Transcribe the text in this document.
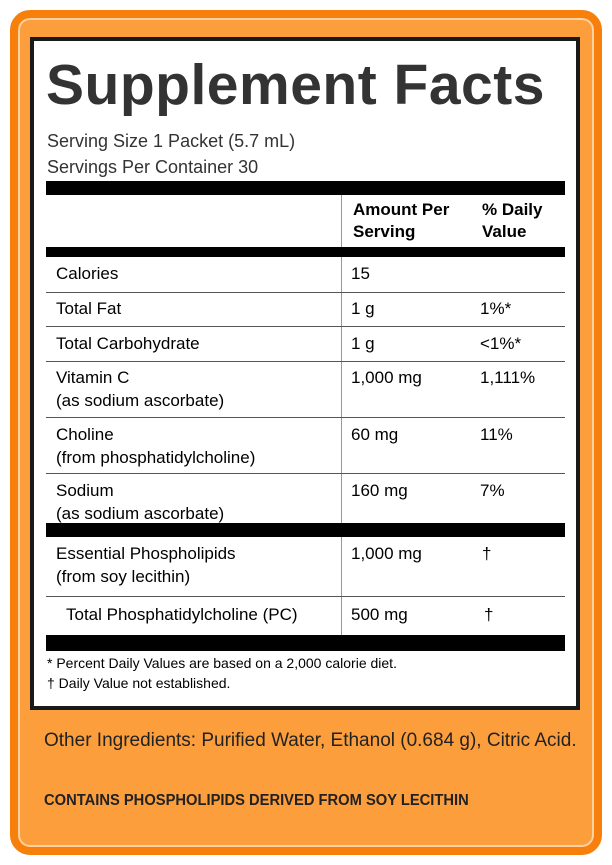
Supplement Facts
Serving Size 1 Packet (5.7 mL)
Servings Per Container 30
Amount Per
Serving
% Daily
Value
Calories	15
Total Fat	1 g	1%*
Total Carbohydrate	1 g	<1%*
Vitamin C
(as sodium ascorbate)
1,000 mg	1,111%
Choline
(from phosphatidylcholine)
60 mg	11%
Sodium
(as sodium ascorbate)
160 mg	7%
Essential Phospholipids
(from soy lecithin)
1,000 mg	†
Total Phosphatidylcholine (PC)	500 mg	†
* Percent Daily Values are based on a 2,000 calorie diet.
† Daily Value not established.
Other Ingredients: Purified Water, Ethanol (0.684 g), Citric Acid.
CONTAINS PHOSPHOLIPIDS DERIVED FROM SOY LECITHIN
